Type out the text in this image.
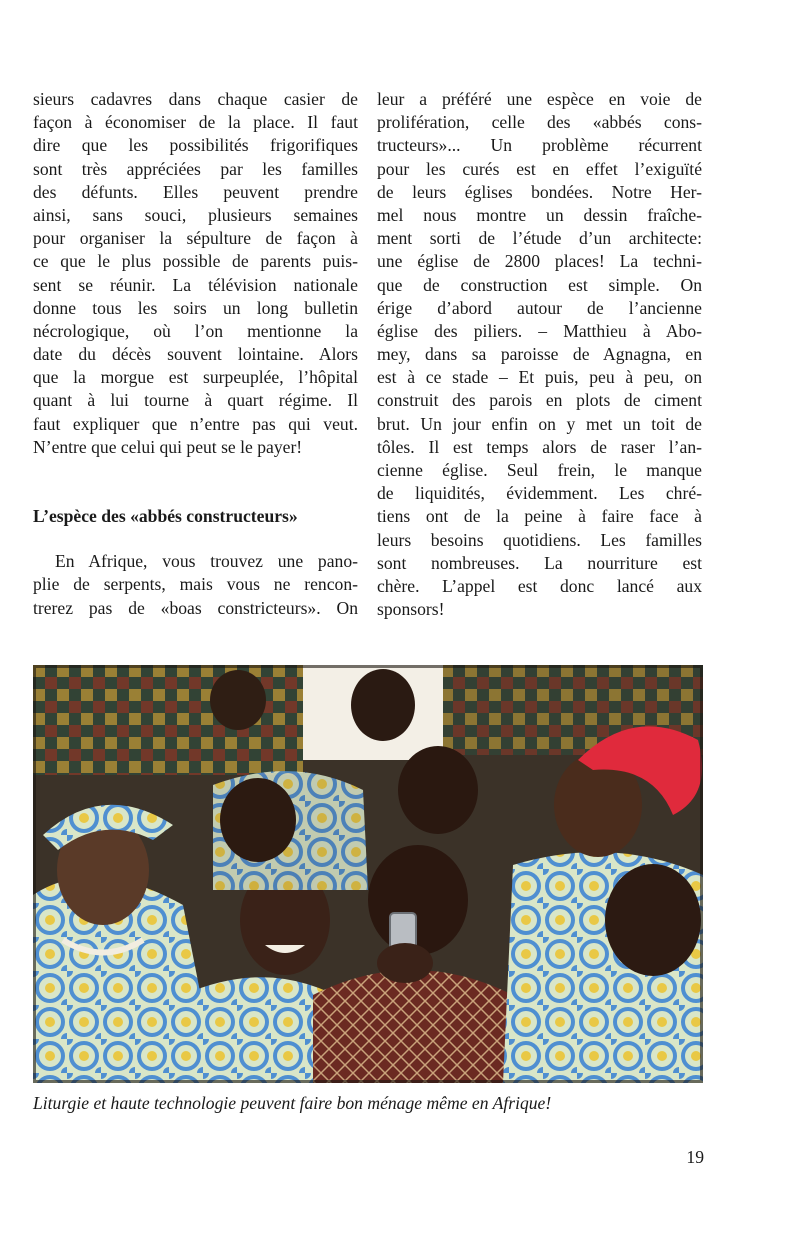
sieurs cadavres dans chaque casier de
façon à économiser de la place. Il faut
dire que les possibilités frigorifiques
sont très appréciées par les familles
des défunts. Elles peuvent prendre
ainsi, sans souci, plusieurs semaines
pour organiser la sépulture de façon à
ce que le plus possible de parents puis-
sent se réunir. La télévision nationale
donne tous les soirs un long bulletin
nécrologique, où l’on mentionne la
date du décès souvent lointaine. Alors
que la morgue est surpeuplée, l’hôpital
quant à lui tourne à quart régime. Il
faut expliquer que n’entre pas qui veut.
N’entre que celui qui peut se le payer!
L’espèce des «abbés constructeurs»
En Afrique, vous trouvez une pano-
plie de serpents, mais vous ne rencon-
trerez pas de «boas constricteurs». On
leur a préféré une espèce en voie de
prolifération, celle des «abbés cons-
tructeurs»... Un problème récurrent
pour les curés est en effet l’exiguïté
de leurs églises bondées. Notre Her-
mel nous montre un dessin fraîche-
ment sorti de l’étude d’un architecte:
une église de 2800 places! La techni-
que de construction est simple. On
érige d’abord autour de l’ancienne
église des piliers. – Matthieu à Abo-
mey, dans sa paroisse de Agnagna, en
est à ce stade – Et puis, peu à peu, on
construit des parois en plots de ciment
brut. Un jour enfin on y met un toit de
tôles. Il est temps alors de raser l’an-
cienne église. Seul frein, le manque
de liquidités, évidemment. Les chré-
tiens ont de la peine à faire face à
leurs besoins quotidiens. Les familles
sont nombreuses. La nourriture est
chère. L’appel est donc lancé aux
sponsors!
Liturgie et haute technologie peuvent faire bon ménage même en Afrique!
19
